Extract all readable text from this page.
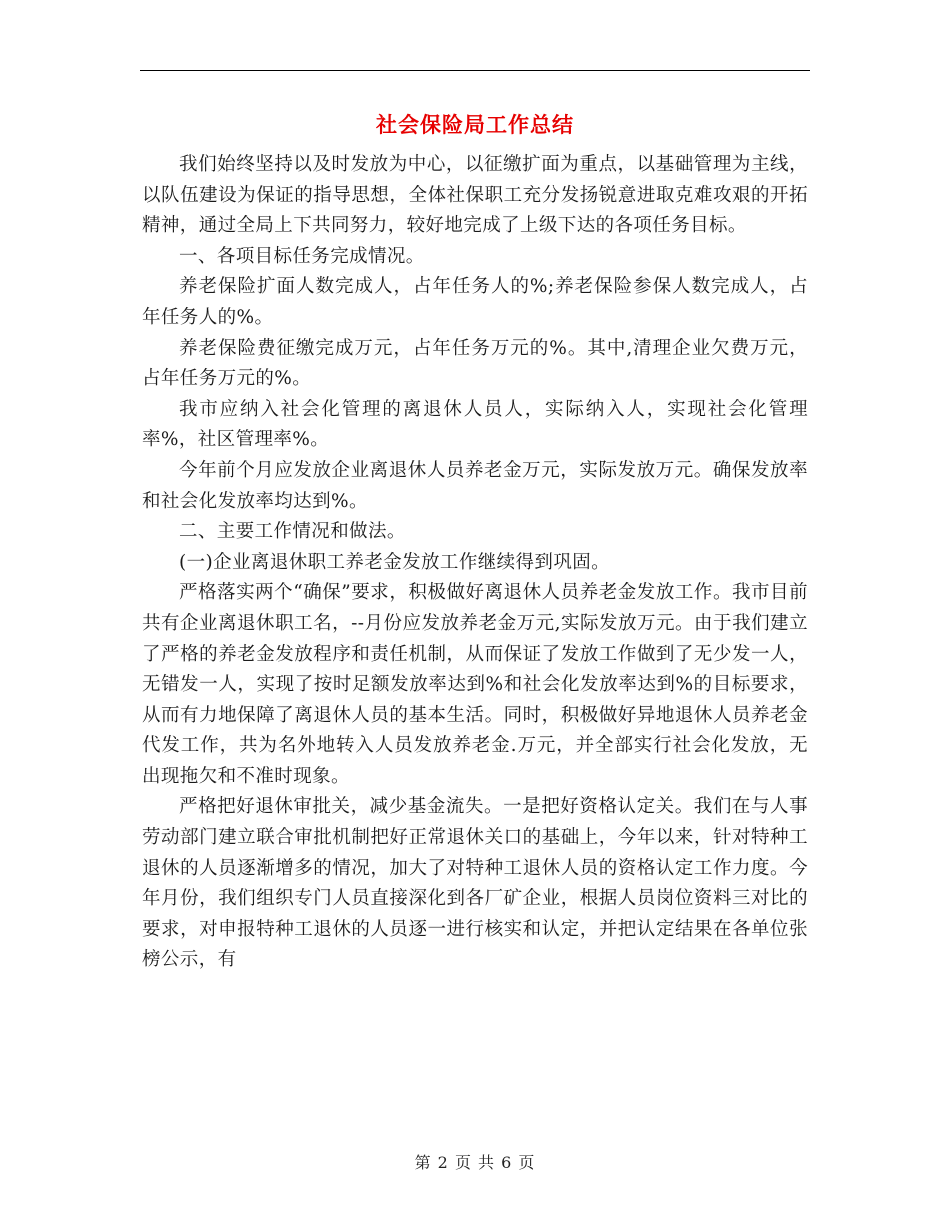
社会保险局工作总结

我们始终坚持以及时发放为中心，以征缴扩面为重点，以基础管理为主线，以队伍建设为保证的指导思想，全体社保职工充分发扬锐意进取克难攻艰的开拓精神，通过全局上下共同努力，较好地完成了上级下达的各项任务目标。

一、各项目标任务完成情况。

养老保险扩面人数完成人，占年任务人的%;养老保险参保人数完成人，占年任务人的%。

养老保险费征缴完成万元，占年任务万元的%。其中,清理企业欠费万元，占年任务万元的%。

我市应纳入社会化管理的离退休人员人，实际纳入人，实现社会化管理率%，社区管理率%。

今年前个月应发放企业离退休人员养老金万元，实际发放万元。确保发放率和社会化发放率均达到%。

二、主要工作情况和做法。

(一)企业离退休职工养老金发放工作继续得到巩固。

严格落实两个“确保”要求，积极做好离退休人员养老金发放工作。我市目前共有企业离退休职工名，--月份应发放养老金万元,实际发放万元。由于我们建立了严格的养老金发放程序和责任机制，从而保证了发放工作做到了无少发一人，无错发一人，实现了按时足额发放率达到%和社会化发放率达到%的目标要求，从而有力地保障了离退休人员的基本生活。同时，积极做好异地退休人员养老金代发工作，共为名外地转入人员发放养老金.万元，并全部实行社会化发放，无出现拖欠和不准时现象。

严格把好退休审批关，减少基金流失。一是把好资格认定关。我们在与人事劳动部门建立联合审批机制把好正常退休关口的基础上，今年以来，针对特种工退休的人员逐渐增多的情况，加大了对特种工退休人员的资格认定工作力度。今年月份，我们组织专门人员直接深化到各厂矿企业，根据人员岗位资料三对比的要求，对申报特种工退休的人员逐一进行核实和认定，并把认定结果在各单位张榜公示，有

第 2 页 共 6 页
